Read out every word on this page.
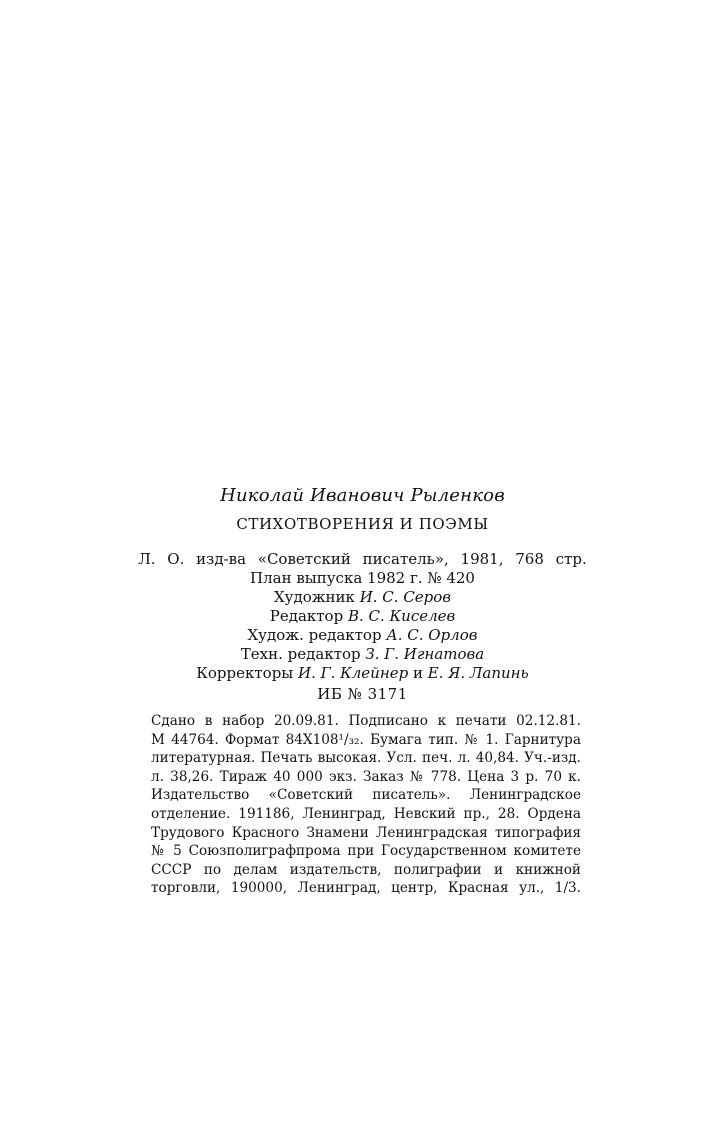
Николай Иванович Рыленков
СТИХОТВОРЕНИЯ И ПОЭМЫ
Л. О. изд-ва «Советский писатель», 1981, 768 стр.
План выпуска 1982 г. № 420
Художник И. С. Серов
Редактор В. С. Киселев
Худож. редактор А. С. Орлов
Техн. редактор З. Г. Игнатова
Корректоры И. Г. Клейнер и Е. Я. Лапинь
ИБ № 3171
Сдано в набор 20.09.81. Подписано к печати 02.12.81.
М 44764. Формат 84Х108¹/₃₂. Бумага тип. № 1. Гарнитура
литературная. Печать высокая. Усл. печ. л. 40,84. Уч.-изд.
л. 38,26. Тираж 40 000 экз. Заказ № 778. Цена 3 р. 70 к.
Издательство «Советский писатель». Ленинградское
отделение. 191186, Ленинград, Невский пр., 28. Ордена
Трудового Красного Знамени Ленинградская типография
№ 5 Союзполиграфпрома при Государственном комитете
СССР по делам издательств, полиграфии и книжной
торговли, 190000, Ленинград, центр, Красная ул., 1/3.
